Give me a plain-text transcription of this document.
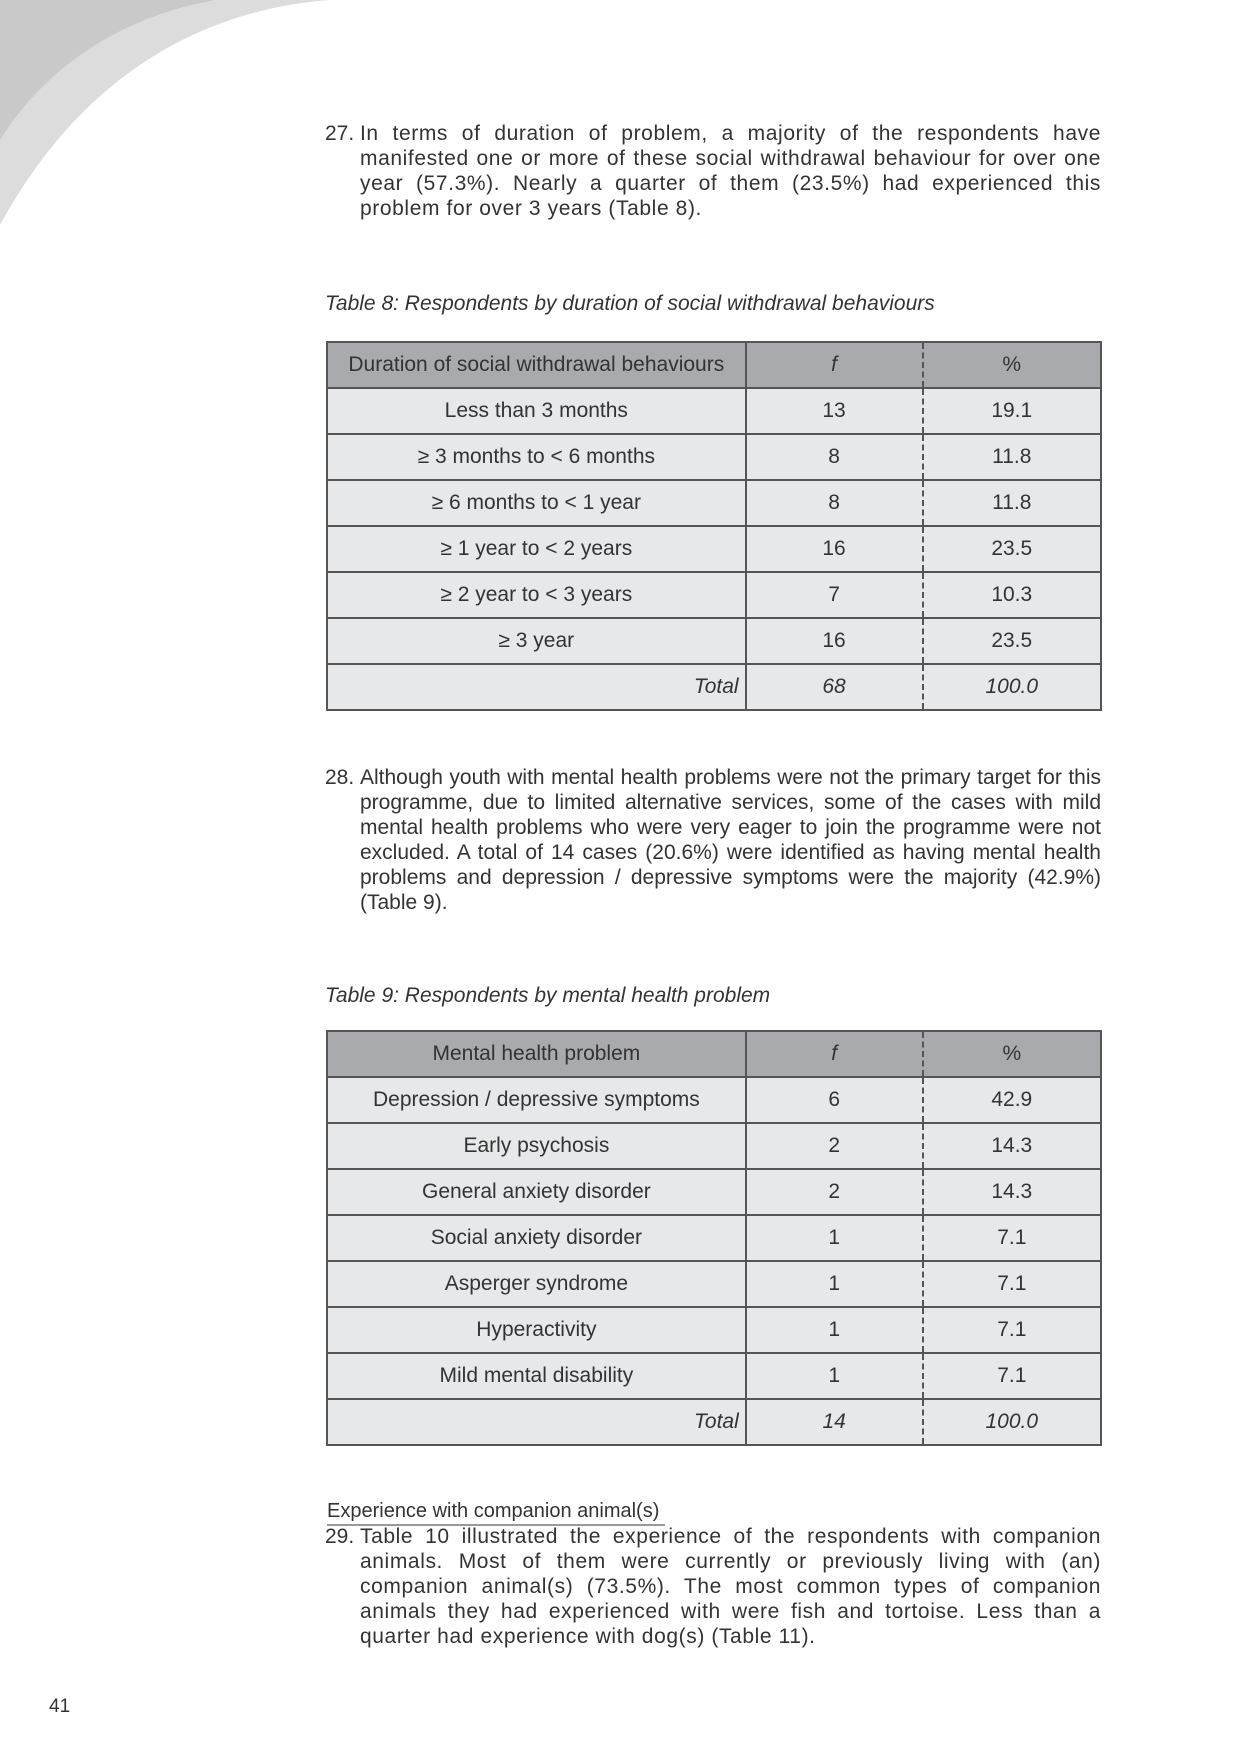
27. In terms of duration of problem, a majority of the respondents have manifested one or more of these social withdrawal behaviour for over one year (57.3%). Nearly a quarter of them (23.5%) had experienced this problem for over 3 years (Table 8).
Table 8: Respondents by duration of social withdrawal behaviours
Duration of social withdrawal behaviours	f	%
Less than 3 months	13	19.1
≥ 3 months to < 6 months	8	11.8
≥ 6 months to < 1 year	8	11.8
≥ 1 year to < 2 years	16	23.5
≥ 2 year to < 3 years	7	10.3
≥ 3 year	16	23.5
Total	68	100.0
28. Although youth with mental health problems were not the primary target for this programme, due to limited alternative services, some of the cases with mild mental health problems who were very eager to join the programme were not excluded. A total of 14 cases (20.6%) were identified as having mental health problems and depression / depressive symptoms were the majority (42.9%) (Table 9).
Table 9: Respondents by mental health problem
Mental health problem	f	%
Depression / depressive symptoms	6	42.9
Early psychosis	2	14.3
General anxiety disorder	2	14.3
Social anxiety disorder	1	7.1
Asperger syndrome	1	7.1
Hyperactivity	1	7.1
Mild mental disability	1	7.1
Total	14	100.0
Experience with companion animal(s)
29. Table 10 illustrated the experience of the respondents with companion animals. Most of them were currently or previously living with (an) companion animal(s) (73.5%). The most common types of companion animals they had experienced with were fish and tortoise. Less than a quarter had experience with dog(s) (Table 11).
41
